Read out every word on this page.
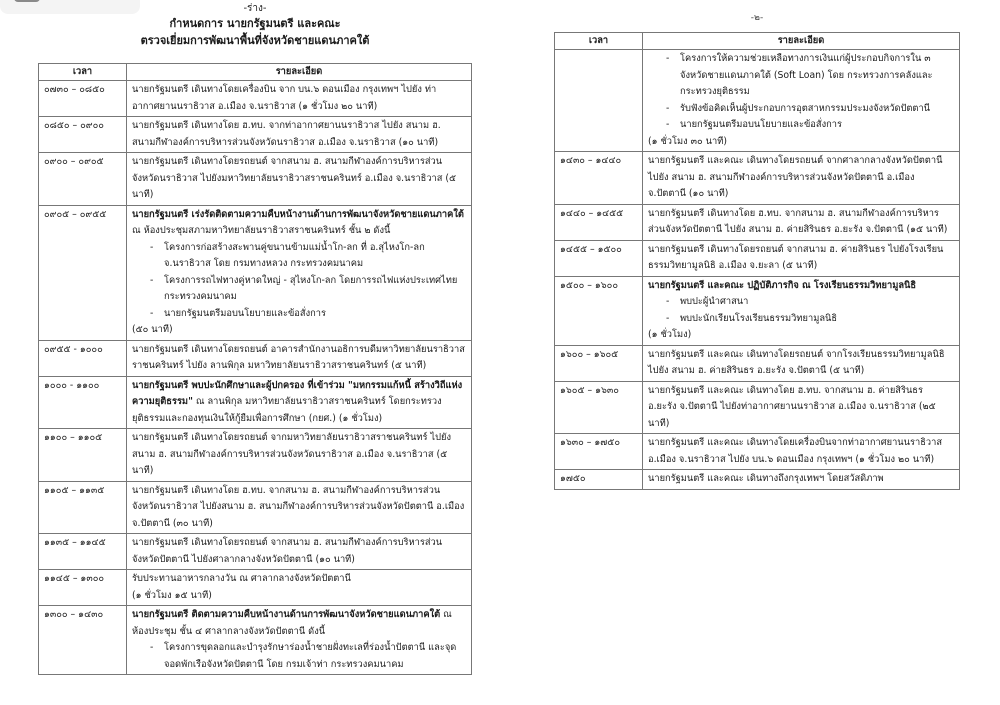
-ร่าง-
กำหนดการ นายกรัฐมนตรี และคณะ
ตรวจเยี่ยมการพัฒนาพื้นที่จังหวัดชายแดนภาคใต้
เวลา	รายละเอียด
๐๗๓๐ – ๐๘๕๐	นายกรัฐมนตรี เดินทางโดยเครื่องบิน จาก บน.๖ ดอนเมือง กรุงเทพฯ ไปยัง ท่าอากาศยานนราธิวาส อ.เมือง จ.นราธิวาส (๑ ชั่วโมง ๒๐ นาที)
๐๘๕๐ – ๐๙๐๐	นายกรัฐมนตรี เดินทางโดย ฮ.ทบ. จากท่าอากาศยานนราธิวาส ไปยัง สนาม ฮ. สนามกีฬาองค์การบริหารส่วนจังหวัดนราธิวาส อ.เมือง จ.นราธิวาส (๑๐ นาที)
๐๙๐๐ – ๐๙๐๕	นายกรัฐมนตรี เดินทางโดยรถยนต์ จากสนาม ฮ. สนามกีฬาองค์การบริหารส่วนจังหวัดนราธิวาส ไปยังมหาวิทยาลัยนราธิวาสราชนครินทร์ อ.เมือง จ.นราธิวาส (๕ นาที)
๐๙๐๕ – ๐๙๕๕	นายกรัฐมนตรี เร่งรัดติดตามความคืบหน้างานด้านการพัฒนาจังหวัดชายแดนภาคใต้ ณ ห้องประชุมสภามหาวิทยาลัยนราธิวาสราชนครินทร์ ชั้น ๒ ดังนี้
- โครงการก่อสร้างสะพานคู่ขนานข้ามแม่น้ำโก-ลก ที่ อ.สุไหงโก-ลก จ.นราธิวาส โดย กรมทางหลวง กระทรวงคมนาคม
- โครงการรถไฟทางคู่หาดใหญ่ - สุไหงโก-ลก โดยการรถไฟแห่งประเทศไทย กระทรวงคมนาคม
- นายกรัฐมนตรีมอบนโยบายและข้อสั่งการ
(๕๐ นาที)

๐๙๕๕ - ๑๐๐๐	นายกรัฐมนตรี เดินทางโดยรถยนต์ อาคารสำนักงานอธิการบดีมหาวิทยาลัยนราธิวาสราชนครินทร์ ไปยัง ลานพิกุล มหาวิทยาลัยนราธิวาสราชนครินทร์ (๕ นาที)
๑๐๐๐ - ๑๑๐๐	นายกรัฐมนตรี พบปะนักศึกษาและผู้ปกครอง ที่เข้าร่วม "มหกรรมแก้หนี้ สร้างวิถีแห่งความยุติธรรม" ณ ลานพิกุล มหาวิทยาลัยนราธิวาสราชนครินทร์ โดยกระทรวงยุติธรรมและกองทุนเงินให้กู้ยืมเพื่อการศึกษา (กยศ.) (๑ ชั่วโมง)
๑๑๐๐ – ๑๑๐๕	นายกรัฐมนตรี เดินทางโดยรถยนต์ จากมหาวิทยาลัยนราธิวาสราชนครินทร์ ไปยัง สนาม ฮ. สนามกีฬาองค์การบริหารส่วนจังหวัดนราธิวาส อ.เมือง จ.นราธิวาส (๕ นาที)
๑๑๐๕ – ๑๑๓๕	นายกรัฐมนตรี เดินทางโดย ฮ.ทบ. จากสนาม ฮ. สนามกีฬาองค์การบริหารส่วนจังหวัดนราธิวาส ไปยังสนาม ฮ. สนามกีฬาองค์การบริหารส่วนจังหวัดปัตตานี อ.เมือง จ.ปัตตานี (๓๐ นาที)
๑๑๓๕ – ๑๑๔๕	นายกรัฐมนตรี เดินทางโดยรถยนต์ จากสนาม ฮ. สนามกีฬาองค์การบริหารส่วนจังหวัดปัตตานี ไปยังศาลากลางจังหวัดปัตตานี (๑๐ นาที)
๑๑๔๕ – ๑๓๐๐	รับประทานอาหารกลางวัน ณ ศาลากลางจังหวัดปัตตานี
(๑ ชั่วโมง ๑๕ นาที)

๑๓๐๐ – ๑๔๓๐	นายกรัฐมนตรี ติดตามความคืบหน้างานด้านการพัฒนาจังหวัดชายแดนภาคใต้ ณ ห้องประชุม ชั้น ๔ ศาลากลางจังหวัดปัตตานี ดังนี้
- โครงการขุดลอกและบำรุงรักษาร่องน้ำชายฝั่งทะเลที่ร่องน้ำปัตตานี และจุดจอดพักเรือจังหวัดปัตตานี โดย กรมเจ้าท่า กระทรวงคมนาคม
-๒-
เวลา	รายละเอียด

- โครงการให้ความช่วยเหลือทางการเงินแก่ผู้ประกอบกิจการใน ๓ จังหวัดชายแดนภาคใต้ (Soft Loan) โดย กระทรวงการคลังและกระทรวงยุติธรรม
- รับฟังข้อคิดเห็นผู้ประกอบการอุตสาหกรรมประมงจังหวัดปัตตานี
- นายกรัฐมนตรีมอบนโยบายและข้อสั่งการ
(๑ ชั่วโมง ๓๐ นาที)

๑๔๓๐ – ๑๔๔๐	นายกรัฐมนตรี และคณะ เดินทางโดยรถยนต์ จากศาลากลางจังหวัดปัตตานี ไปยัง สนาม ฮ. สนามกีฬาองค์การบริหารส่วนจังหวัดปัตตานี อ.เมือง จ.ปัตตานี (๑๐ นาที)
๑๔๔๐ – ๑๔๕๕	นายกรัฐมนตรี เดินทางโดย ฮ.ทบ. จากสนาม ฮ. สนามกีฬาองค์การบริหารส่วนจังหวัดปัตตานี ไปยัง สนาม ฮ. ค่ายสิรินธร อ.ยะรัง จ.ปัตตานี (๑๕ นาที)
๑๔๕๕ – ๑๕๐๐	นายกรัฐมนตรี เดินทางโดยรถยนต์ จากสนาม ฮ. ค่ายสิรินธร ไปยังโรงเรียนธรรมวิทยามูลนิธิ อ.เมือง จ.ยะลา (๕ นาที)
๑๕๐๐ – ๑๖๐๐	นายกรัฐมนตรี และคณะ ปฏิบัติภารกิจ ณ โรงเรียนธรรมวิทยามูลนิธิ
- พบปะผู้นำศาสนา
- พบปะนักเรียนโรงเรียนธรรมวิทยามูลนิธิ
(๑ ชั่วโมง)

๑๖๐๐ – ๑๖๐๕	นายกรัฐมนตรี และคณะ เดินทางโดยรถยนต์ จากโรงเรียนธรรมวิทยามูลนิธิ ไปยัง สนาม ฮ. ค่ายสิรินธร อ.ยะรัง จ.ปัตตานี (๕ นาที)
๑๖๐๕ – ๑๖๓๐	นายกรัฐมนตรี และคณะ เดินทางโดย ฮ.ทบ. จากสนาม ฮ. ค่ายสิรินธร อ.ยะรัง จ.ปัตตานี ไปยังท่าอากาศยานนราธิวาส อ.เมือง จ.นราธิวาส (๒๕ นาที)
๑๖๓๐ – ๑๗๕๐	นายกรัฐมนตรี และคณะ เดินทางโดยเครื่องบินจากท่าอากาศยานนราธิวาส อ.เมือง จ.นราธิวาส ไปยัง บน.๖ ดอนเมือง กรุงเทพฯ (๑ ชั่วโมง ๒๐ นาที)
๑๗๕๐	นายกรัฐมนตรี และคณะ เดินทางถึงกรุงเทพฯ โดยสวัสดิภาพ
